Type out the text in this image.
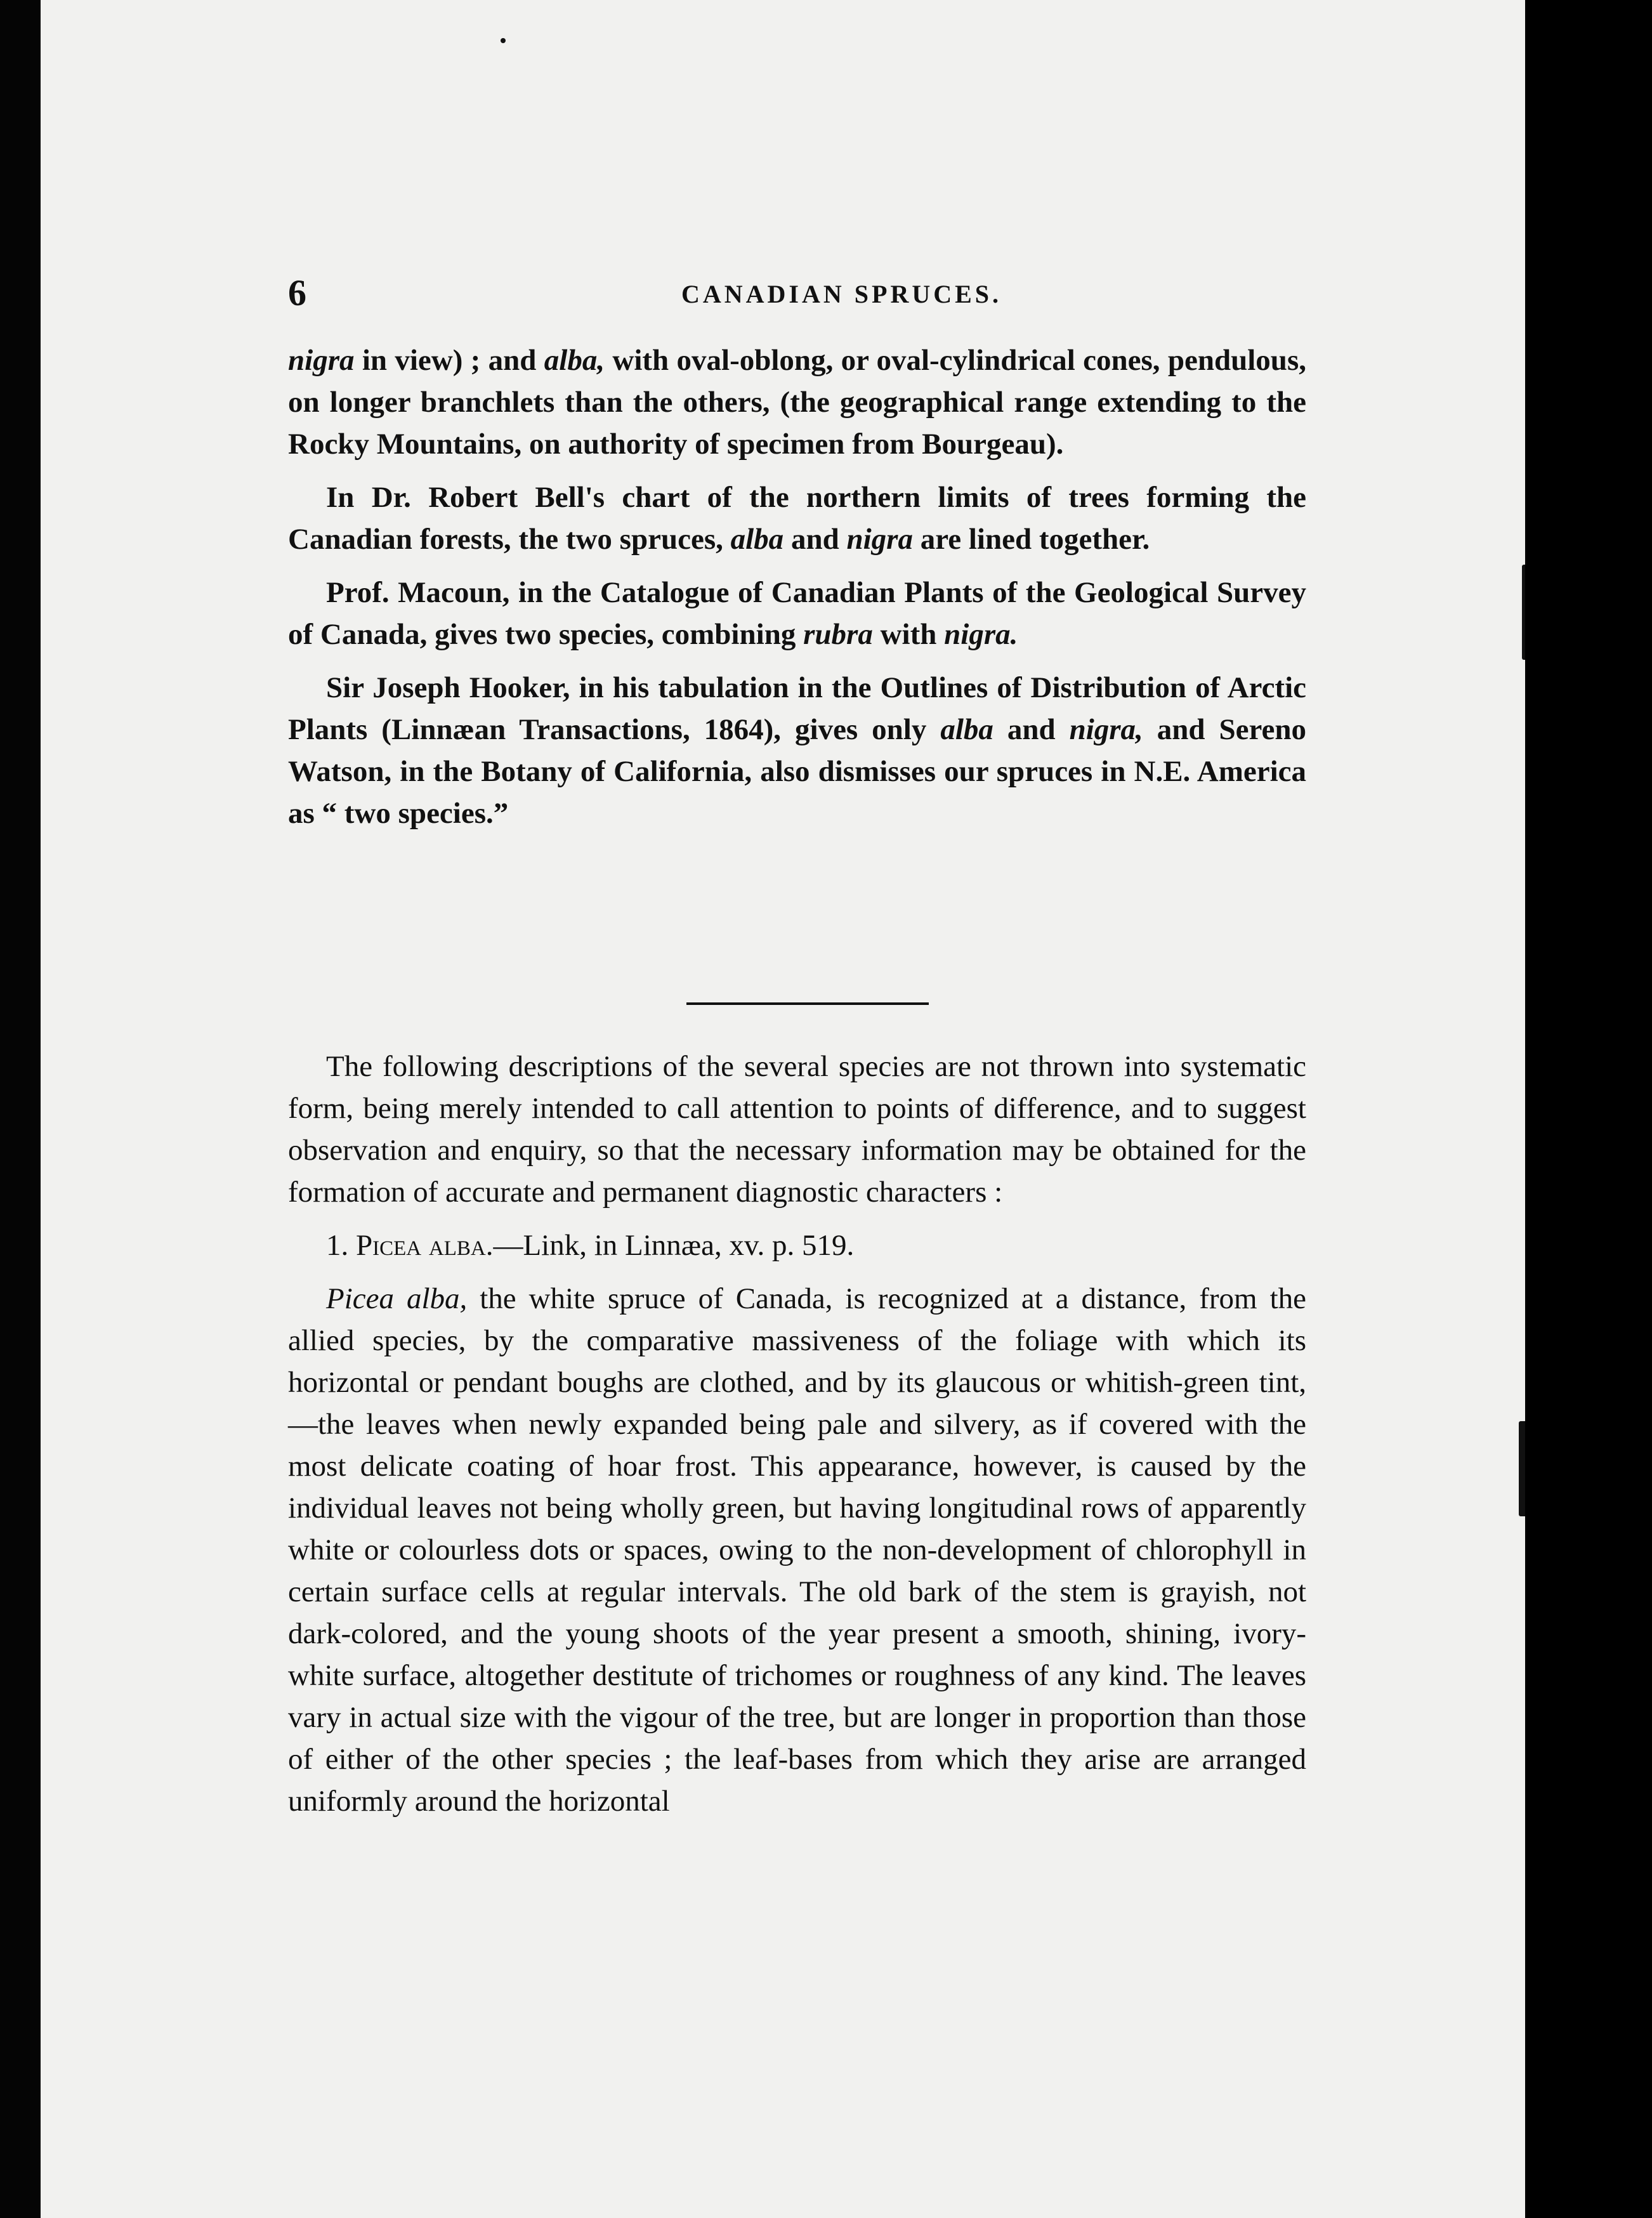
6	CANADIAN SPRUCES.

nigra in view) ; and alba, with oval-oblong, or oval-cylindrical cones, pendulous, on longer branchlets than the others, (the geographical range extending to the Rocky Mountains, on authority of specimen from Bourgeau).

In Dr. Robert Bell's chart of the northern limits of trees forming the Canadian forests, the two spruces, alba and nigra are lined together.

Prof. Macoun, in the Catalogue of Canadian Plants of the Geological Survey of Canada, gives two species, combining rubra with nigra.

Sir Joseph Hooker, in his tabulation in the Outlines of Distribution of Arctic Plants (Linnæan Transactions, 1864), gives only alba and nigra, and Sereno Watson, in the Botany of California, also dismisses our spruces in N.E. America as “ two species.”

The following descriptions of the several species are not thrown into systematic form, being merely intended to call attention to points of difference, and to suggest observation and enquiry, so that the necessary information may be obtained for the formation of accurate and permanent diagnostic characters :

1. Picea alba.—Link, in Linnæa, xv. p. 519.

Picea alba, the white spruce of Canada, is recognized at a distance, from the allied species, by the comparative massiveness of the foliage with which its horizontal or pendant boughs are clothed, and by its glaucous or whitish-green tint,—the leaves when newly expanded being pale and silvery, as if covered with the most delicate coating of hoar frost. This appearance, however, is caused by the individual leaves not being wholly green, but having longitudinal rows of apparently white or colourless dots or spaces, owing to the non-development of chlorophyll in certain surface cells at regular intervals. The old bark of the stem is grayish, not dark-colored, and the young shoots of the year present a smooth, shining, ivory-white surface, altogether destitute of trichomes or roughness of any kind. The leaves vary in actual size with the vigour of the tree, but are longer in proportion than those of either of the other species ; the leaf-bases from which they arise are arranged uniformly around the horizontal
